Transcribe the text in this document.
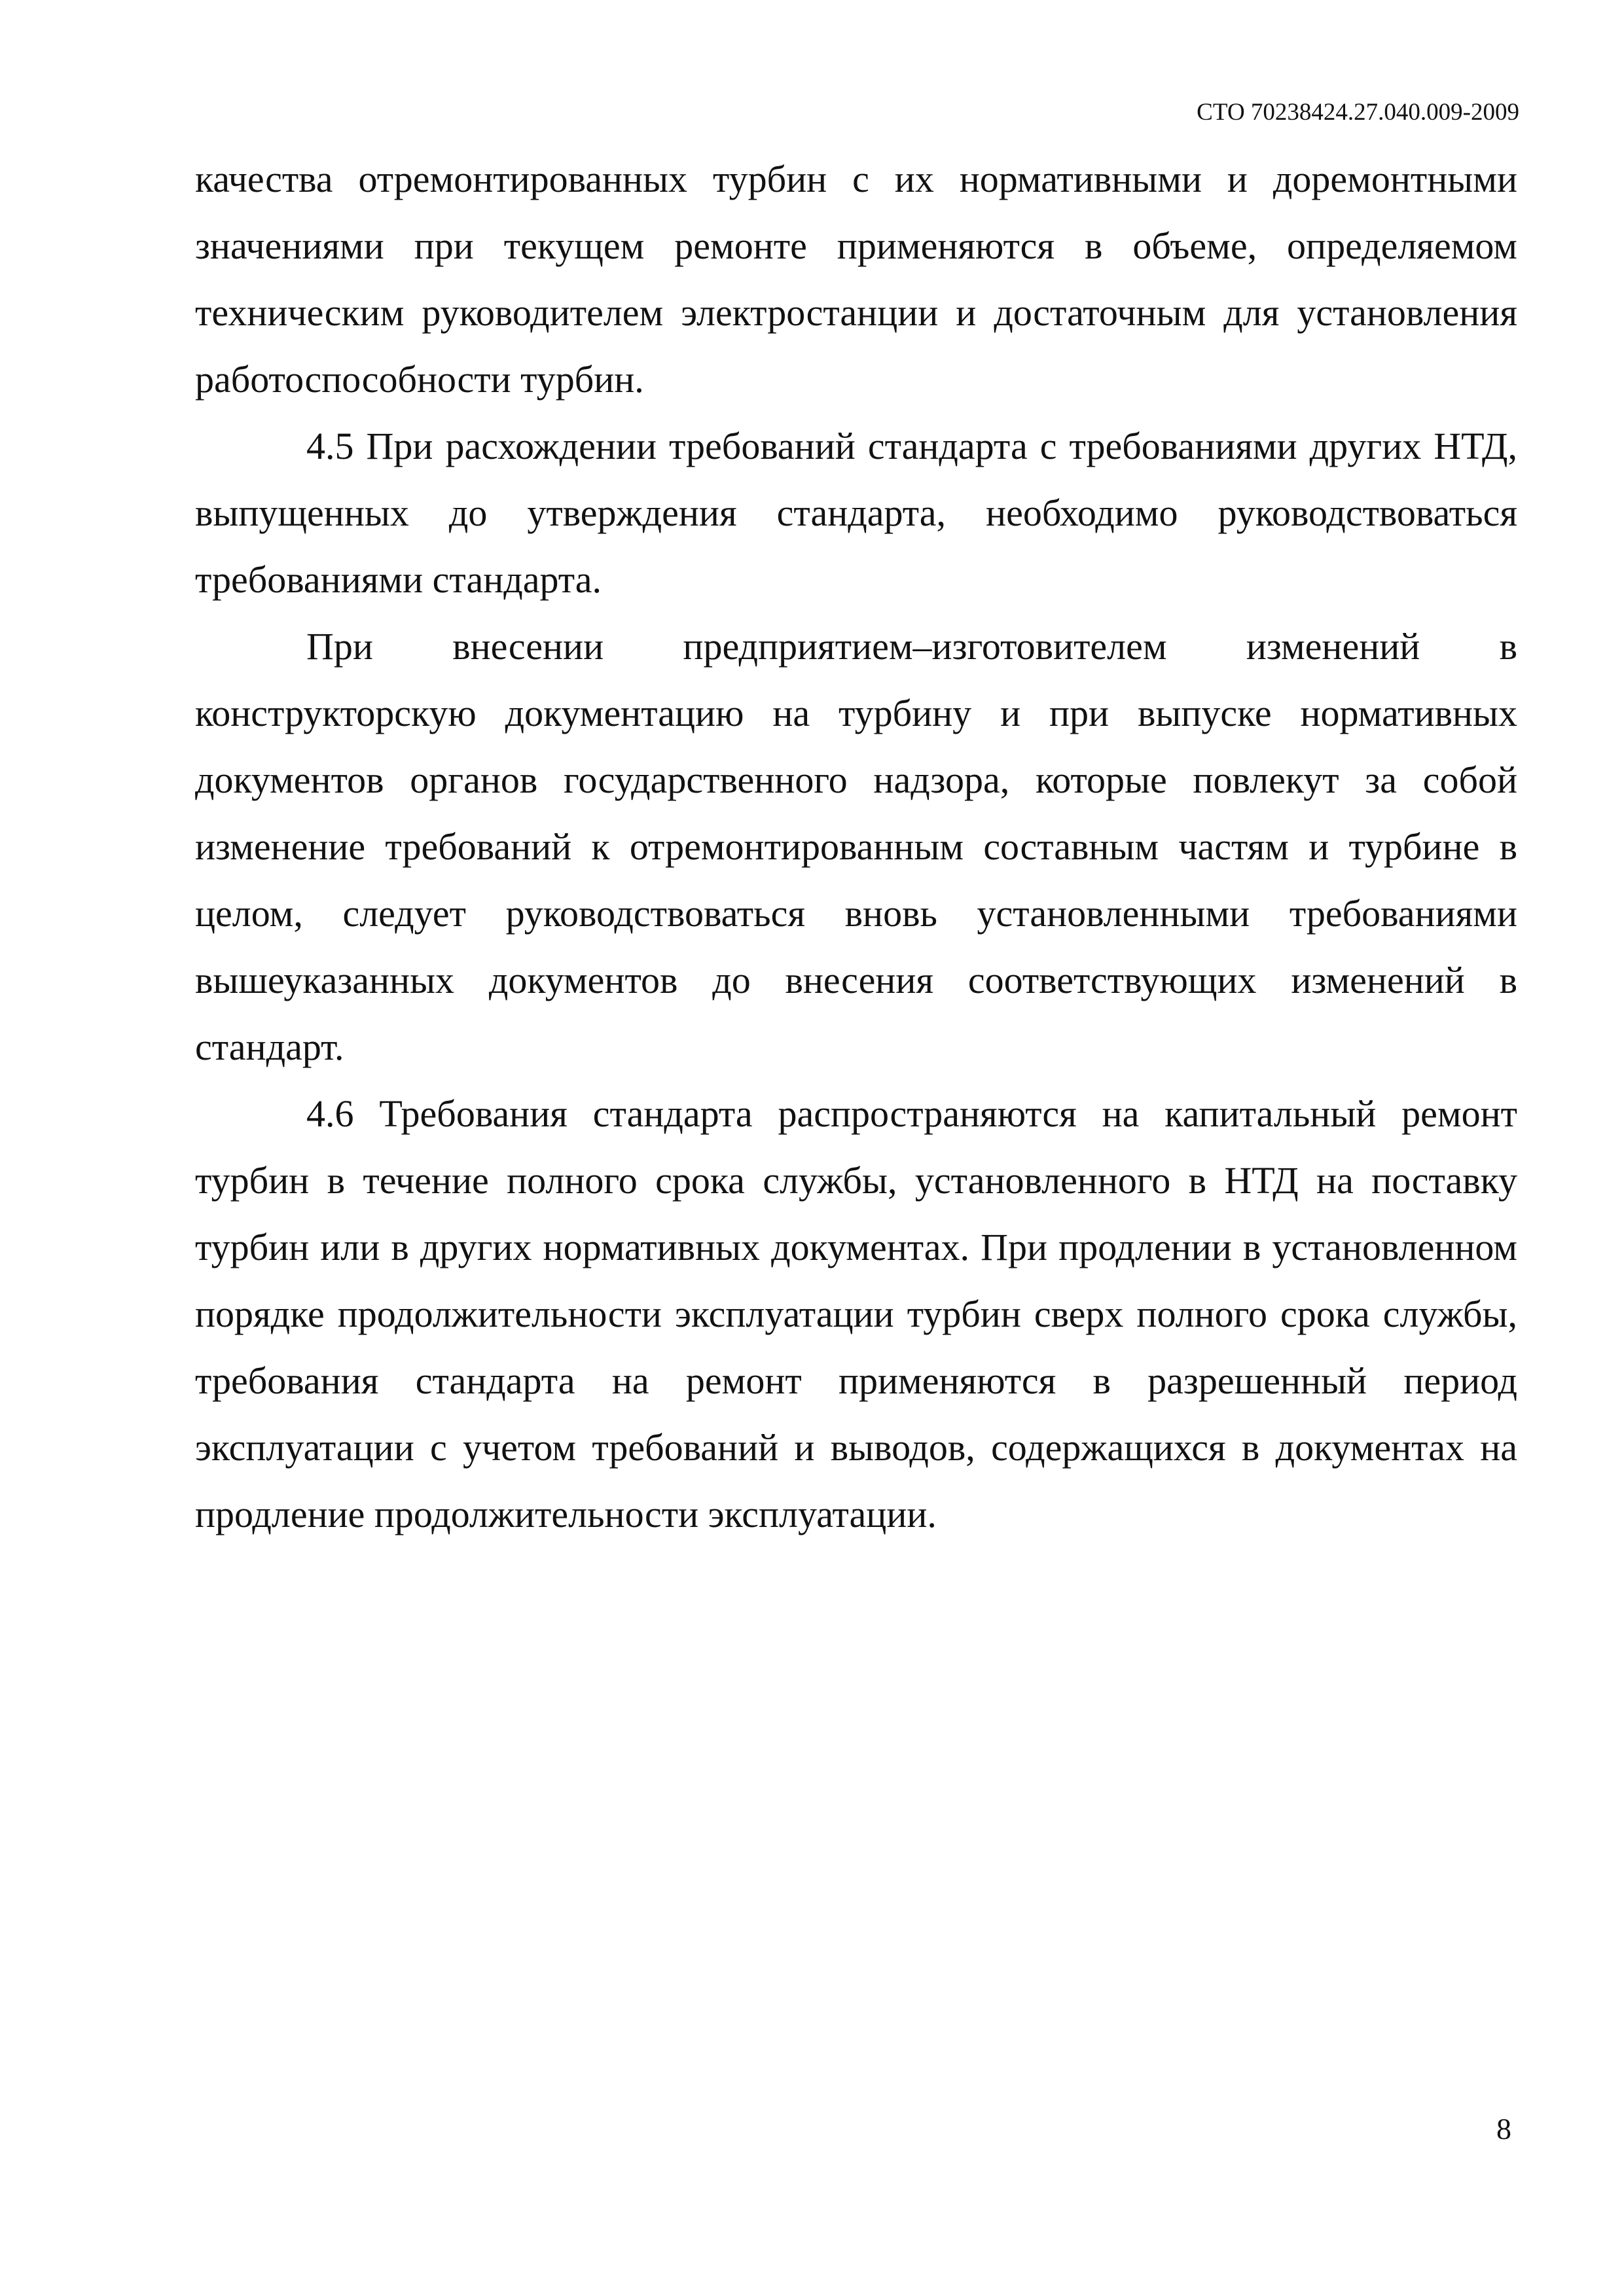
СТО 70238424.27.040.009-2009

качества отремонтированных турбин с их нормативными и доремонтными значениями при текущем ремонте применяются в объеме, определяемом техническим руководителем электростанции и достаточным для установления работоспособности турбин.

4.5 При расхождении требований стандарта с требованиями других НТД, выпущенных до утверждения стандарта, необходимо руководствоваться требованиями стандарта.

При внесении предприятием–изготовителем изменений в конструкторскую документацию на турбину и при выпуске нормативных документов органов государственного надзора, которые повлекут за собой изменение требований к отремонтированным составным частям и турбине в целом, следует руководствоваться вновь установленными требованиями вышеуказанных документов до внесения соответствующих изменений в стандарт.

4.6 Требования стандарта распространяются на капитальный ремонт турбин в течение полного срока службы, установленного в НТД на поставку турбин или в других нормативных документах. При продлении в установленном порядке продолжительности эксплуатации турбин сверх полного срока службы, требования стандарта на ремонт применяются в разрешенный период эксплуатации с учетом требований и выводов, содержащихся в документах на продление продолжительности эксплуатации.

8
